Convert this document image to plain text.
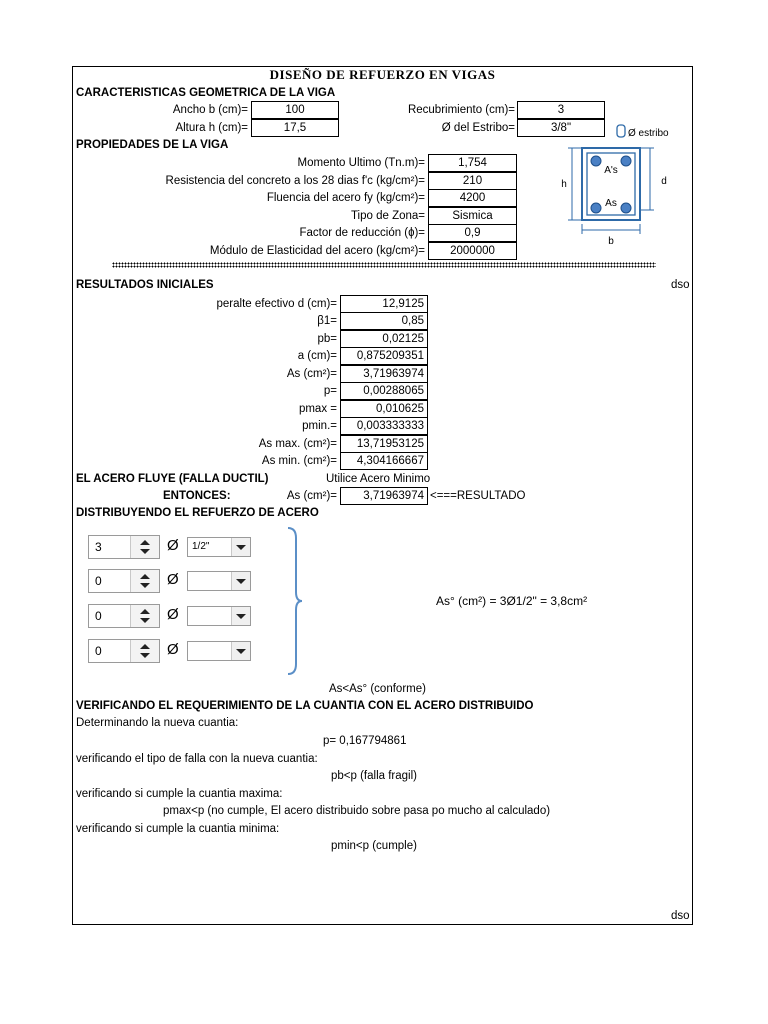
DISEÑO DE REFUERZO EN VIGAS
CARACTERISTICAS GEOMETRICA DE LA VIGA
Ancho b (cm)=	100
Altura h (cm)=	17,5
Recubrimiento (cm)=	3
Ø del Estribo=	3/8"
PROPIEDADES DE LA VIGA
Momento Ultimo (Tn.m)=	1,754
Resistencia del concreto a los 28 dias f'c (kg/cm²)=	210
Fluencia del acero fy (kg/cm²)=	4200
Tipo de Zona=	Sismica
Factor de reducción (ɸ)=	0,9
Módulo de Elasticidad del acero (kg/cm²)=	2000000
Ø estribo
A's
As
h	d
b
RESULTADOS INICIALES	dso
peralte efectivo d (cm)=	12,9125
β1=	0,85
pb=	0,02125
a (cm)=	0,875209351
As (cm²)=	3,71963974
p=	0,00288065
pmax =	0,010625
pmin.=	0,003333333
As max. (cm²)=	13,71953125
As min. (cm²)=	4,304166667
EL ACERO FLUYE (FALLA DUCTIL)	Utilice Acero Minimo
ENTONCES:	As (cm²)=	3,71963974 <===RESULTADO
DISTRIBUYENDO EL REFUERZO DE ACERO
3	Ø 1/2"
0	Ø
0	Ø
0	Ø
As° (cm²) = 3Ø1/2" = 3,8cm²
As<As° (conforme)
VERIFICANDO EL REQUERIMIENTO DE LA CUANTIA CON EL ACERO DISTRIBUIDO
Determinando la nueva cuantia:
p= 0,167794861
verificando el tipo de falla con la nueva cuantia:
pb<p (falla fragil)
verificando si cumple la cuantia maxima:
pmax<p (no cumple, El acero distribuido sobre pasa po mucho al calculado)
verificando si cumple la cuantia minima:
pmin<p (cumple)
dso
